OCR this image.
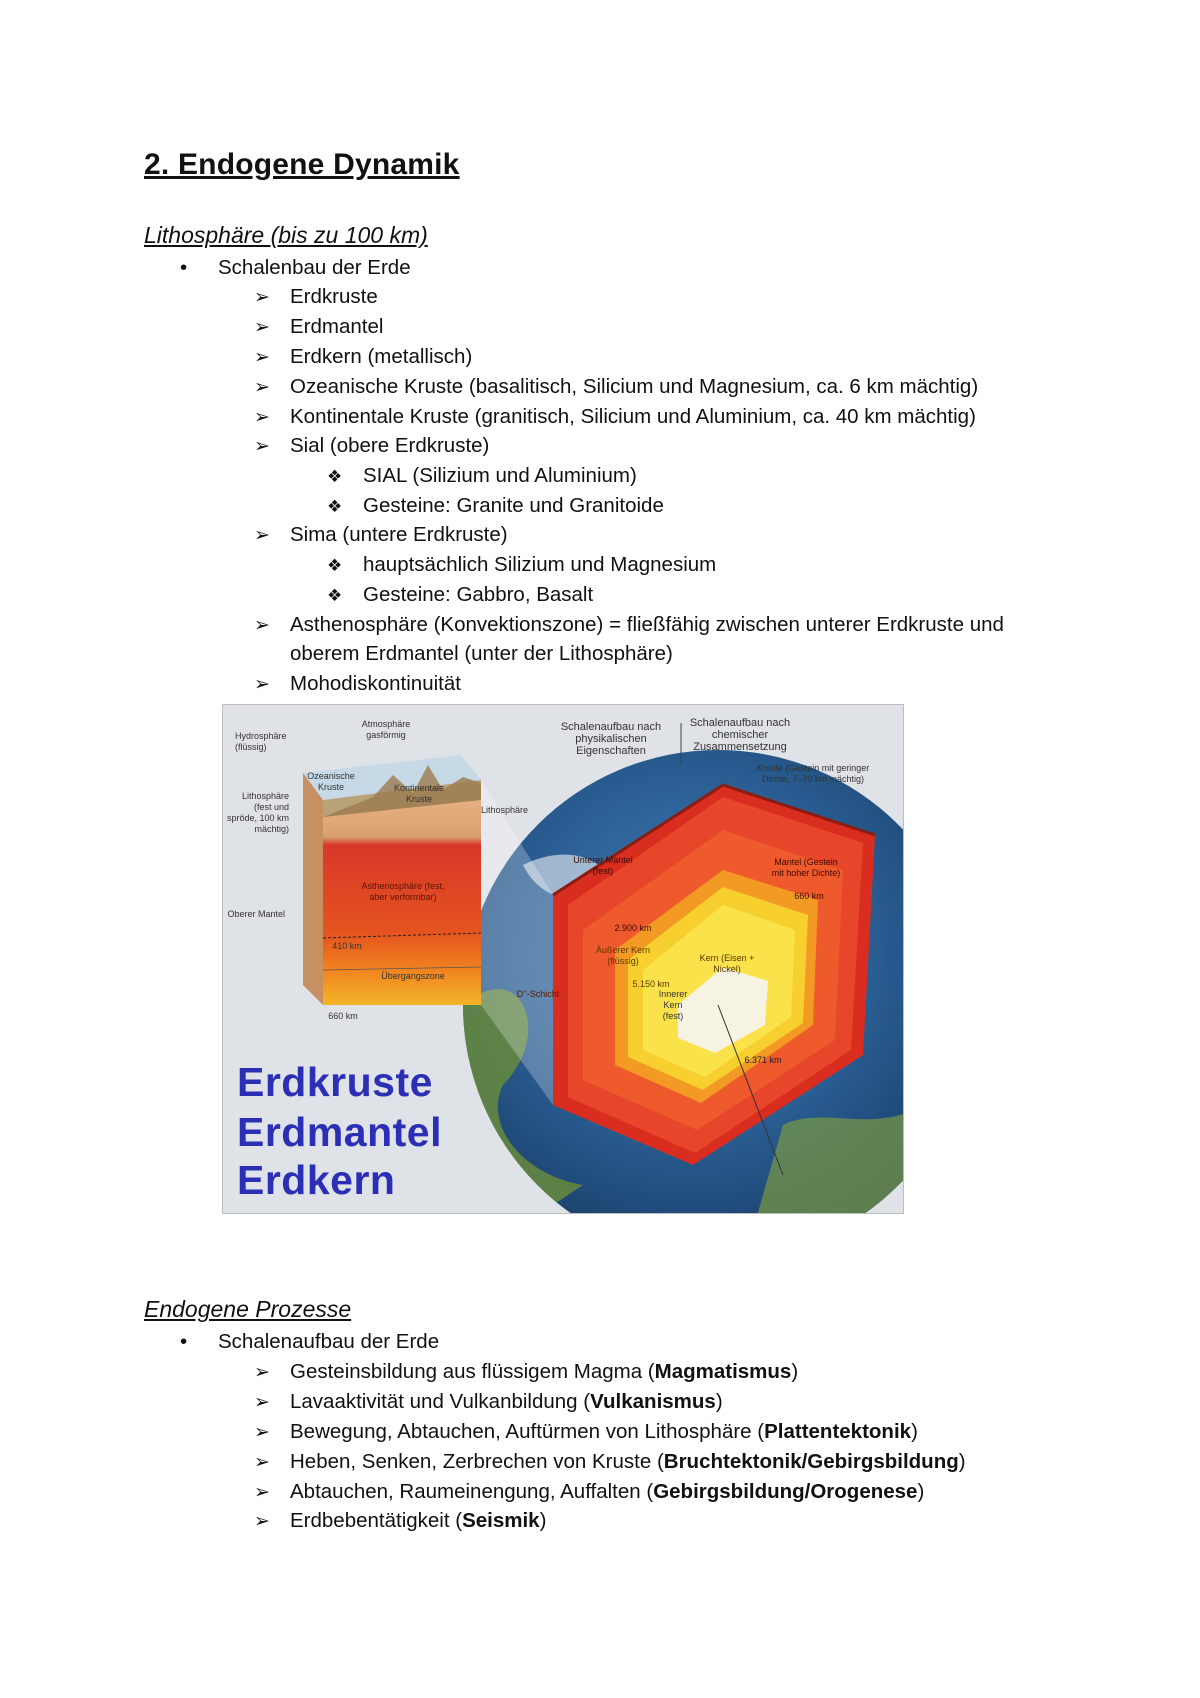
2. Endogene Dynamik
Lithosphäre (bis zu 100 km)
• Schalenbau der Erde
➢ Erdkruste
➢ Erdmantel
➢ Erdkern (metallisch)
➢ Ozeanische Kruste (basalitisch, Silicium und Magnesium, ca. 6 km mächtig)
➢ Kontinentale Kruste (granitisch, Silicium und Aluminium, ca. 40 km mächtig)
➢ Sial (obere Erdkruste)
❖ SIAL (Silizium und Aluminium)
❖ Gesteine: Granite und Granitoide
➢ Sima (untere Erdkruste)
❖ hauptsächlich Silizium und Magnesium
❖ Gesteine: Gabbro, Basalt
➢ Asthenosphäre (Konvektionszone) = fließfähig zwischen unterer Erdkruste und
oberem Erdmantel (unter der Lithosphäre)
➢ Mohodiskontinuität
Hydrosphäre (flüssig)
Atmosphäre gasförmig
Ozeanische Kruste	Kontinentale Kruste
Lithosphäre (fest und spröde, 100 km mächtig)
Lithosphäre
Asthenosphäre (fest, aber verformbar)
Oberer Mantel
410 km
Übergangszone
660 km
Schalenaufbau nach physikalischen Eigenschaften
Schalenaufbau nach chemischer Zusammensetzung
Kruste (Gestein mit geringer Dichte, 7–70 km mächtig)
Unterer Mantel (fest)
Mantel (Gestein mit hoher Dichte)
Äußerer Kern (flüssig)	Kern (Eisen + Nickel)
Innerer Kern (fest)
D''-Schicht
2.900 km
5.150 km
6.371 km
660 km
Erdkruste
Erdmantel
Erdkern
Endogene Prozesse
• Schalenaufbau der Erde
➢ Gesteinsbildung aus flüssigem Magma (Magmatismus)
➢ Lavaaktivität und Vulkanbildung (Vulkanismus)
➢ Bewegung, Abtauchen, Auftürmen von Lithosphäre (Plattentektonik)
➢ Heben, Senken, Zerbrechen von Kruste (Bruchtektonik/Gebirgsbildung)
➢ Abtauchen, Raumeinengung, Auffalten (Gebirgsbildung/Orogenese)
➢ Erdbebentätigkeit (Seismik)
